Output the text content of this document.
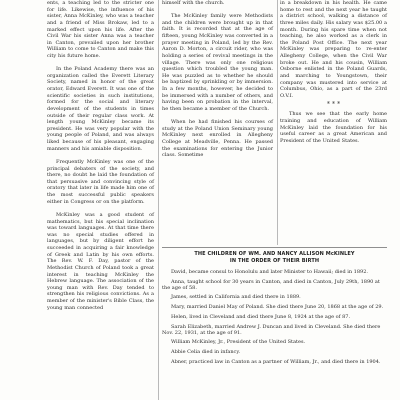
ents, a teaching led to the stricter one for life. Likewise, the influence of his sister, Anna McKinley, who was a teacher and a friend of Miss Brokaw, led to a marked effect upon his life. After the Civil War his sister Anna was a teacher in Canton, prevailed upon her brother William to come to Canton and make this city his future home.

In the Poland Academy there was an organization called the Everett Literary Society, named in honor of the great orator, Edward Everett. It was one of the scientific societies in such institutions, formed for the social and literary development of the students in times outside of their regular class work. At length young McKinley became its president. He was very popular with the young people of Poland, and was always liked because of his pleasant, engaging manners and his amiable disposition.

Frequently McKinley was one of the principal debaters of the society, and there, no doubt he laid the foundation of that persuasive and convincing style of oratory that later in life made him one of the most successful public speakers either in Congress or on the platform.

McKinley was a good student of mathematics, but his special inclination was toward languages. At that time there was no special studies offered in languages, but by diligent effort he succeeded in acquiring a fair knowledge of Greek and Latin by his own efforts. The Rev. W. F. Day, pastor of the Methodist Church of Poland took a great interest in teaching McKinley the Hebrew language. The association of the young man with Rev. Day tended to strengthen his religious convictions. As a member of the minister's Bible Class, the young man connected

himself with the church.

The McKinley family were Methodists and the children were brought up in that faith. It is recorded that at the age of fifteen, young McKinley was converted in a prayer meeting in Poland, led by the Rev. Aaron D. Morton, a circuit rider, who was holding a series of revival meetings in the village. There was only one religious question which troubled the young man. He was puzzled as to whether he should be baptized by sprinkling or by immersion. In a few months, however, he decided to be immersed with a number of others, and having been on probation in the interval, he then became a member of the Church.

When he had finished his courses of study at the Poland Union Seminary young McKinley next enrolled in Allegheny College at Meadville, Penna. He passed the examinations for entering the Junior class. Sometime

in a breakdown in his health. He came home to rest and the next year he taught a district school, walking a distance of three miles daily. His salary was $25.00 a month. During his spare time when not teaching, he also worked as a clerk in the Poland Post Office. The next year McKinley was preparing to re-enter Allegheny College, when the Civil War broke out. He and his cousin, William Osborne enlisted in the Poland Guards, and marching to Youngstown, their company was mustered into service at Columbus, Ohio, as a part of the 23rd O.V.I.

* * *

Thus we see that the early home training and education of William McKinley laid the foundation for his useful career as a great American and President of the United States.

THE CHILDREN OF WM. AND NANCY ALLISON McKINLEY
IN THE ORDER OF THEIR BIRTH

David, became consul to Honolulu and later Minister to Hawaii; died in 1892.

Anna, taught school for 30 years in Canton, and died in Canton, July 29th, 1890 at the age of 58.

James, settled in California and died there in 1889.

Mary, married Daniel May of Poland. She died there June 20, 1868 at the age of 29.

Helen, lived in Cleveland and died there June 8, 1924 at the age of 87.

Sarah Elizabeth, married Andrew J. Duncan and lived in Cleveland. She died there Nov. 22, 1931, at the age of 91.

William McKinley, Jr., President of the United States.

Abbie Celia died in infancy.

Abner, practiced law in Canton as a partner of William, Jr., and died there in 1904.
